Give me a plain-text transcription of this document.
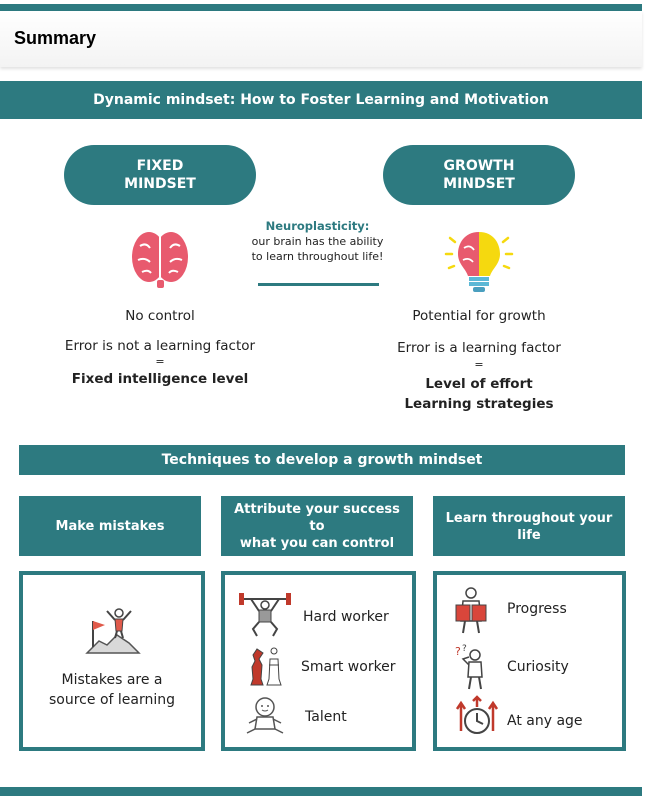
Summary
Dynamic mindset: How to Foster Learning and Motivation
FIXED
MINDSET
No control
Error is not a learning factor
=
Fixed intelligence level
Neuroplasticity:
our brain has the ability
to learn throughout life!
GROWTH
MINDSET
Potential for growth
Error is a learning factor
=
Level of effort
Learning strategies
Techniques to develop a growth mindset
Make mistakes
Attribute your success to
what you can control
Learn throughout your life
Mistakes are a
source of learning
Hard worker
Smart worker
Talent
Progress
? ?
Curiosity
At any age
